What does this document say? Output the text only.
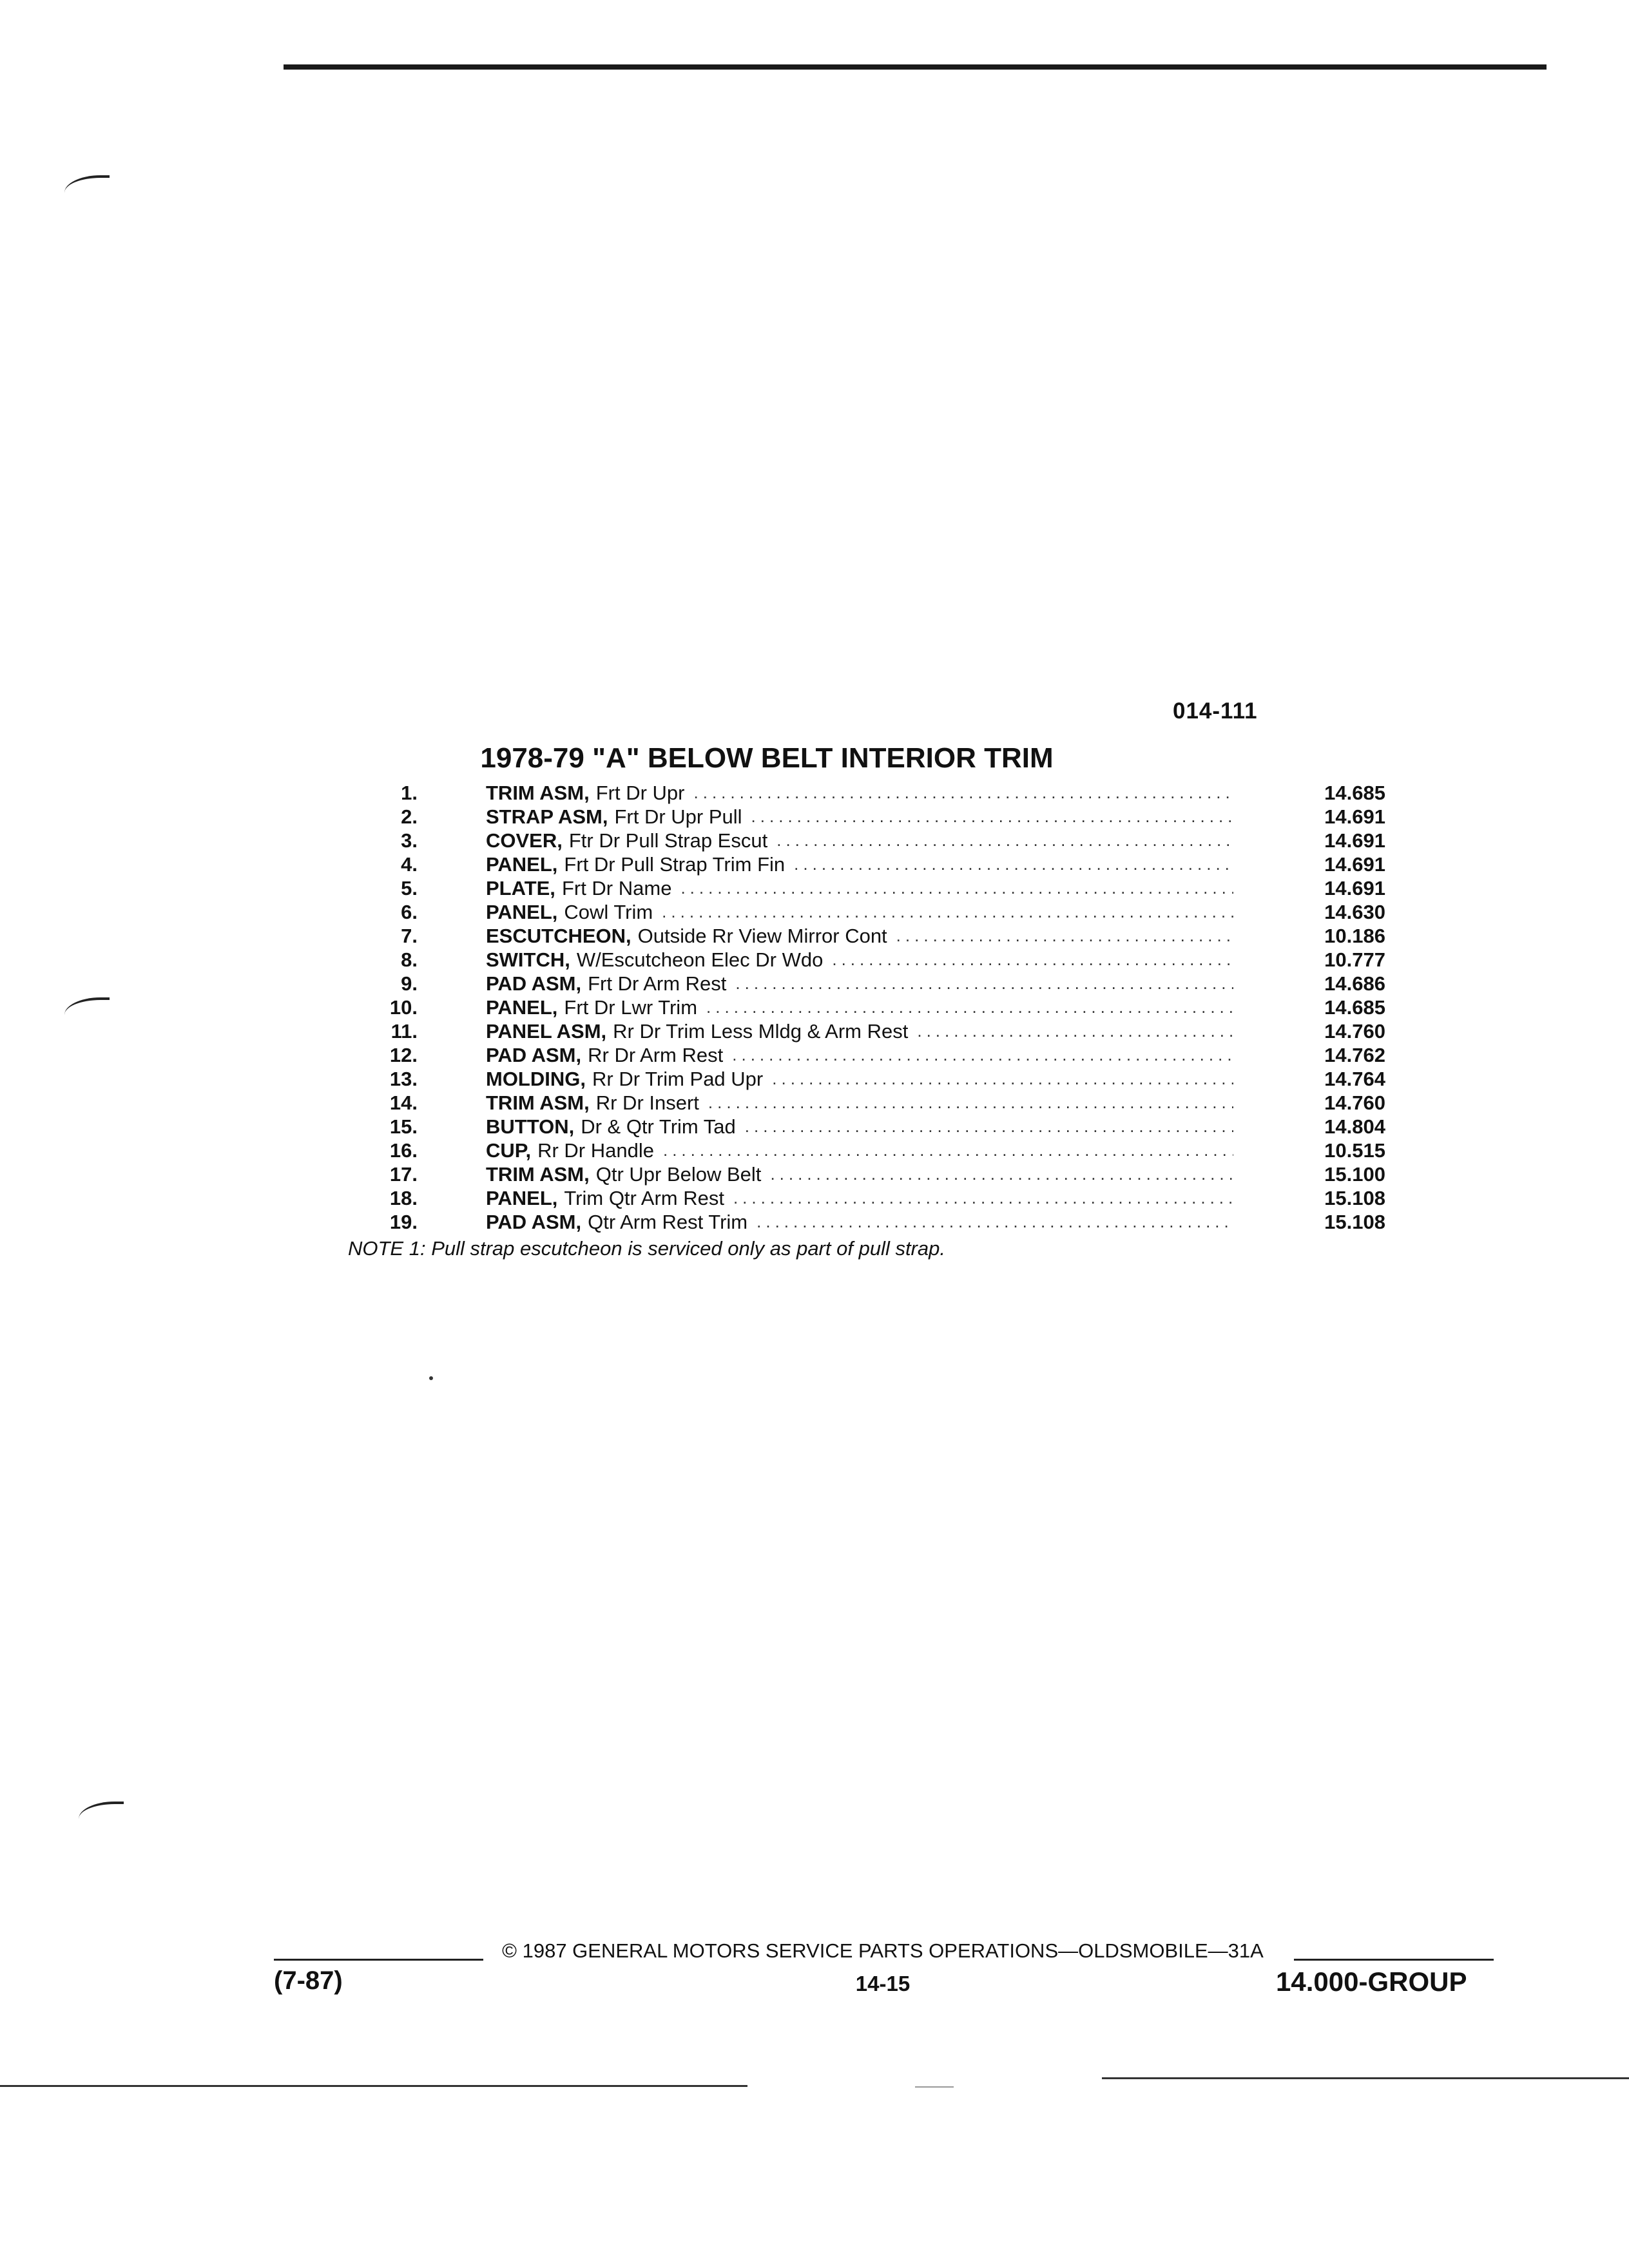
014-111
1978-79 "A" BELOW BELT INTERIOR TRIM
1.	TRIM ASM, Frt Dr Upr .....	14.685
2.	STRAP ASM, Frt Dr Upr Pull .....	14.691
3.	COVER, Ftr Dr Pull Strap Escut .....	14.691
4.	PANEL, Frt Dr Pull Strap Trim Fin .....	14.691
5.	PLATE, Frt Dr Name .....	14.691
6.	PANEL, Cowl Trim .....	14.630
7.	ESCUTCHEON, Outside Rr View Mirror Cont .....	10.186
8.	SWITCH, W/Escutcheon Elec Dr Wdo .....	10.777
9.	PAD ASM, Frt Dr Arm Rest .....	14.686
10.	PANEL, Frt Dr Lwr Trim .....	14.685
11.	PANEL ASM, Rr Dr Trim Less Mldg & Arm Rest .....	14.760
12.	PAD ASM, Rr Dr Arm Rest .....	14.762
13.	MOLDING, Rr Dr Trim Pad Upr .....	14.764
14.	TRIM ASM, Rr Dr Insert .....	14.760
15.	BUTTON, Dr & Qtr Trim Tad .....	14.804
16.	CUP, Rr Dr Handle .....	10.515
17.	TRIM ASM, Qtr Upr Below Belt .....	15.100
18.	PANEL, Trim Qtr Arm Rest .....	15.108
19.	PAD ASM, Qtr Arm Rest Trim .....	15.108
NOTE 1: Pull strap escutcheon is serviced only as part of pull strap.
© 1987 GENERAL MOTORS SERVICE PARTS OPERATIONS—OLDSMOBILE—31A
(7-87)	14-15	14.000-GROUP
